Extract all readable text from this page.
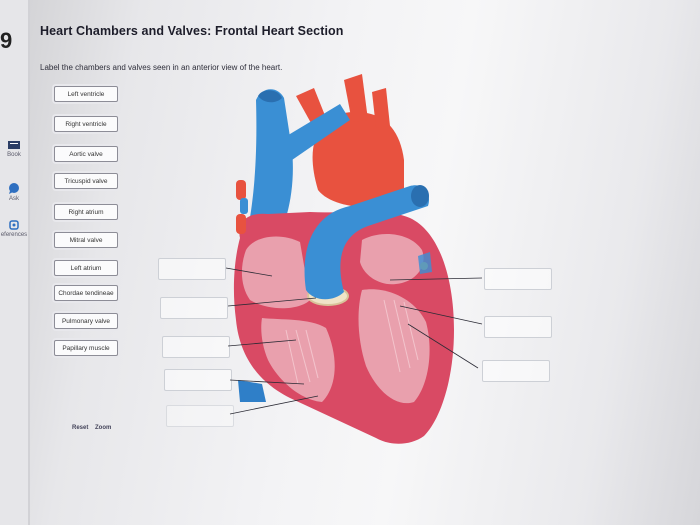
9
Book
Ask
eferences
Heart Chambers and Valves: Frontal Heart Section
Label the chambers and valves seen in an anterior view of the heart.
Left ventricle
Right ventricle
Aortic valve
Tricuspid valve
Right atrium
Mitral valve
Left atrium
Chordae tendineae
Pulmonary valve
Papillary muscle
Reset Zoom
